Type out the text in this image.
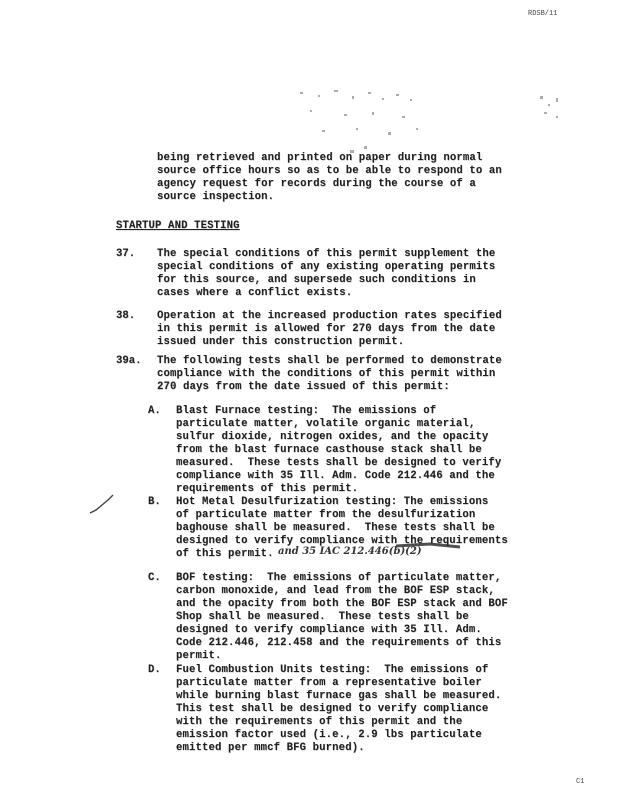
RDSB/11
being retrieved and printed on paper during normal
source office hours so as to be able to respond to an
agency request for records during the course of a
source inspection.
STARTUP AND TESTING
37. The special conditions of this permit supplement the
special conditions of any existing operating permits
for this source, and supersede such conditions in
cases where a conflict exists.
38. Operation at the increased production rates specified
in this permit is allowed for 270 days from the date
issued under this construction permit.
39a. The following tests shall be performed to demonstrate
compliance with the conditions of this permit within
270 days from the date issued of this permit:
A. Blast Furnace testing:  The emissions of
particulate matter, volatile organic material,
sulfur dioxide, nitrogen oxides, and the opacity
from the blast furnace casthouse stack shall be
measured.  These tests shall be designed to verify
compliance with 35 Ill. Adm. Code 212.446 and the
requirements of this permit.
B. Hot Metal Desulfurization testing: The emissions
of particulate matter from the desulfurization
baghouse shall be measured.  These tests shall be
designed to verify compliance with the requirements
of this permit. and 35 IAC 212.446(b)(2)
C. BOF testing:  The emissions of particulate matter,
carbon monoxide, and lead from the BOF ESP stack,
and the opacity from both the BOF ESP stack and BOF
Shop shall be measured.  These tests shall be
designed to verify compliance with 35 Ill. Adm.
Code 212.446, 212.458 and the requirements of this
permit.
D. Fuel Combustion Units testing:  The emissions of
particulate matter from a representative boiler
while burning blast furnace gas shall be measured.
This test shall be designed to verify compliance
with the requirements of this permit and the
emission factor used (i.e., 2.9 lbs particulate
emitted per mmcf BFG burned).
C1
